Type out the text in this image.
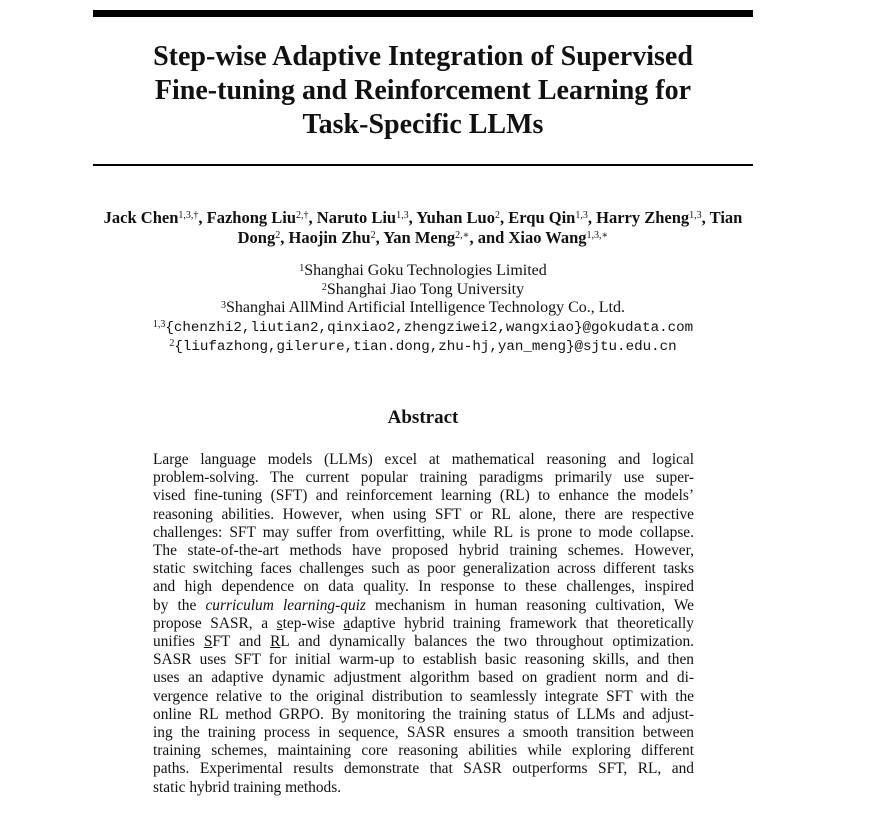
Step-wise Adaptive Integration of Supervised
Fine-tuning and Reinforcement Learning for
Task-Specific LLMs
Jack Chen$^{1,3,\dagger}$, Fazhong Liu$^{2,\dagger}$, Naruto Liu$^{1,3}$, Yuhan Luo$^2$, Erqu Qin$^{1,3}$, Harry Zheng$^{1,3}$, Tian Dong$^2$, Haojin Zhu$^2$, Yan Meng$^{2,∗}$, and Xiao Wang$^{1,3,∗}$
$^1$Shanghai Goku Technologies Limited
$^2$Shanghai Jiao Tong University
$^3$Shanghai AllMind Artificial Intelligence Technology Co., Ltd.
$^{1,3}${chenzhi2,liutian2,qinxiao2,zhengziwei2,wangxiao}@gokudata.com
$^2${liufazhong,gilerure,tian.dong,zhu-hj,yan_meng}@sjtu.edu.cn
Abstract
Large language models (LLMs) excel at mathematical reasoning and logical
problem-solving. The current popular training paradigms primarily use super-
vised fine-tuning (SFT) and reinforcement learning (RL) to enhance the models’
reasoning abilities. However, when using SFT or RL alone, there are respective
challenges: SFT may suffer from overfitting, while RL is prone to mode collapse.
The state-of-the-art methods have proposed hybrid training schemes. However,
static switching faces challenges such as poor generalization across different tasks
and high dependence on data quality. In response to these challenges, inspired
by the curriculum learning-quiz mechanism in human reasoning cultivation, We
propose SASR, a step-wise adaptive hybrid training framework that theoretically
unifies SFT and RL and dynamically balances the two throughout optimization.
SASR uses SFT for initial warm-up to establish basic reasoning skills, and then
uses an adaptive dynamic adjustment algorithm based on gradient norm and di-
vergence relative to the original distribution to seamlessly integrate SFT with the
online RL method GRPO. By monitoring the training status of LLMs and adjust-
ing the training process in sequence, SASR ensures a smooth transition between
training schemes, maintaining core reasoning abilities while exploring different
paths. Experimental results demonstrate that SASR outperforms SFT, RL, and
static hybrid training methods.
